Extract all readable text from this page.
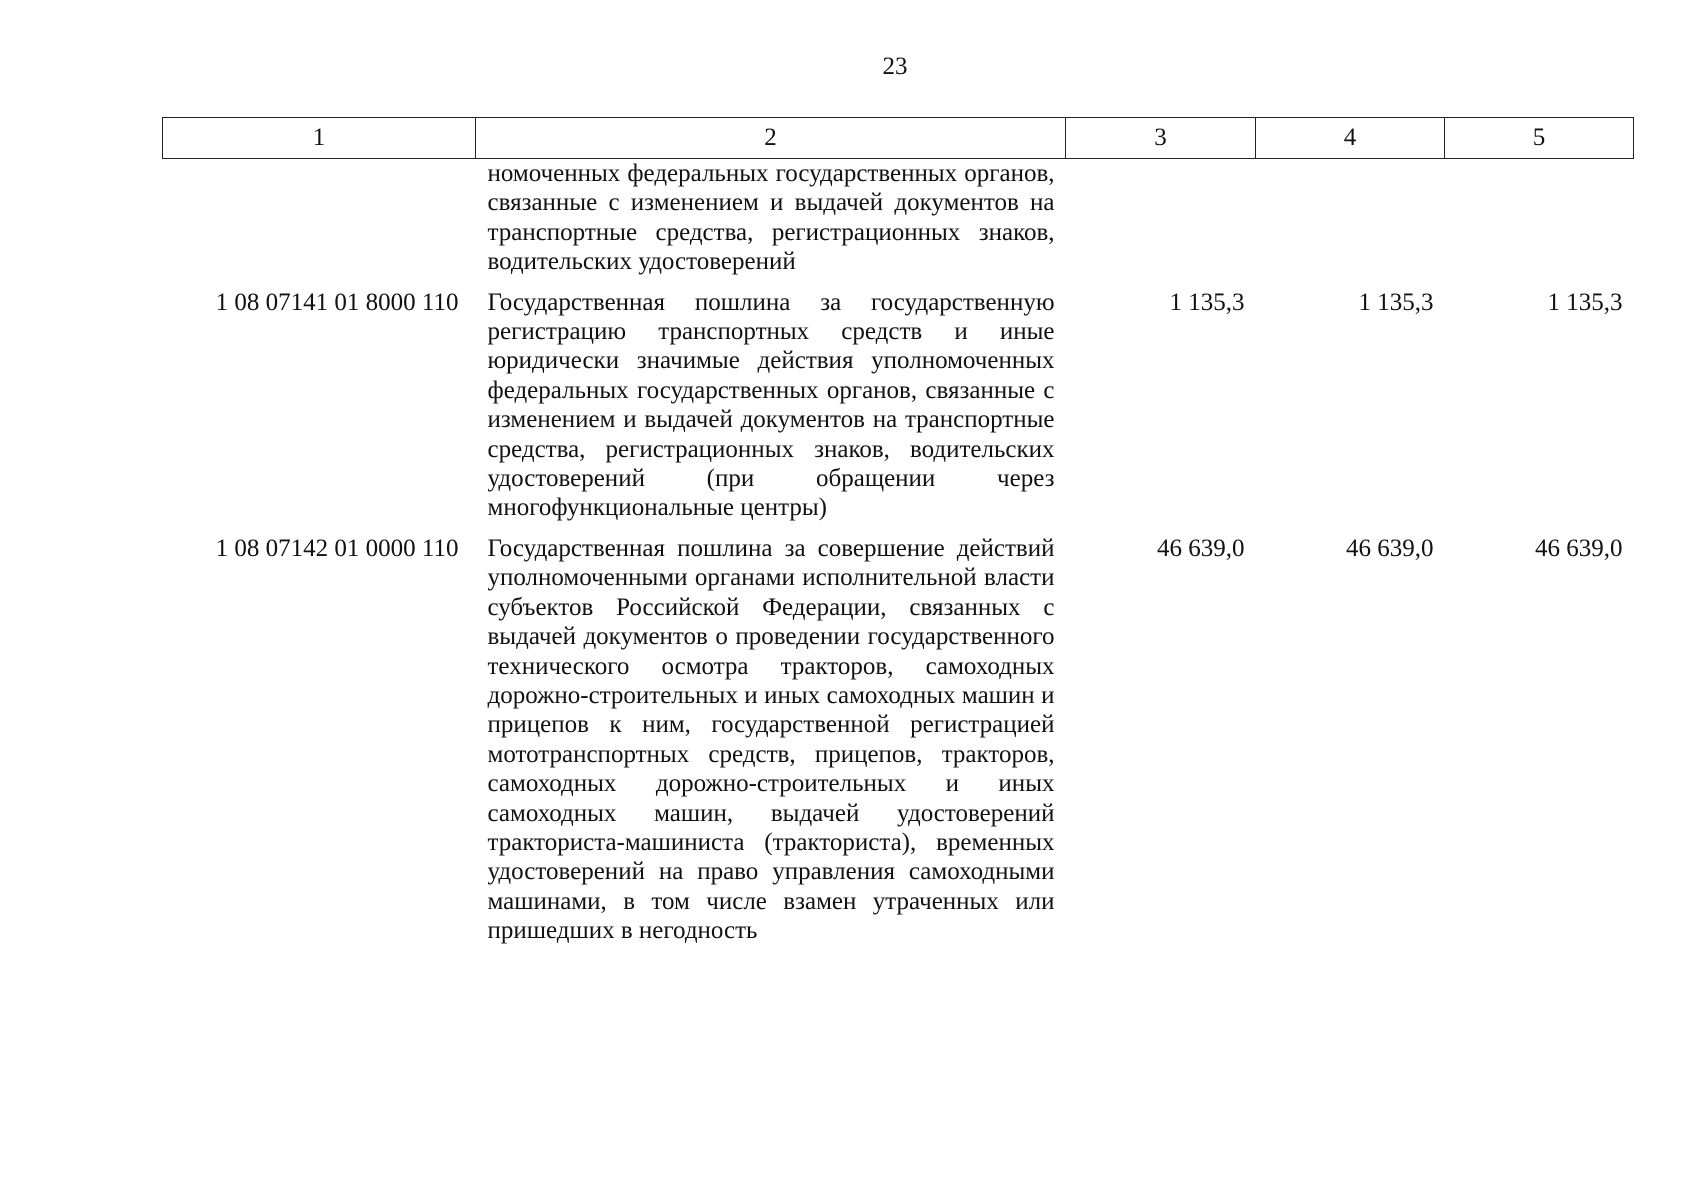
23
1	2	3	4	5

	номоченных федеральных государственных органов, связанные с изменением и выдачей документов на транспортные средства, регистрационных знаков, водительских удостоверений			

1 08 07141 01 8000 110	Государственная пошлина за государственную регистрацию транспортных средств и иные юридически значимые действия уполномоченных федеральных государственных органов, связанные с изменением и выдачей документов на транспортные средства, регистрационных знаков, водительских удостоверений (при обращении через многофункциональные центры)	1 135,3	1 135,3	1 135,3
1 08 07142 01 0000 110	Государственная пошлина за совершение действий уполномоченными органами исполнительной власти субъектов Российской Федерации, связанных с выдачей документов о проведении государственного технического осмотра тракторов, самоходных дорожно-строительных и иных самоходных машин и прицепов к ним, государственной регистрацией мототранспортных средств, прицепов, тракторов, самоходных дорожно-строительных и иных самоходных машин, выдачей удостоверений тракториста-машиниста (тракториста), временных удостоверений на право управления самоходными машинами, в том числе взамен утраченных или пришедших в негодность	46 639,0	46 639,0	46 639,0
